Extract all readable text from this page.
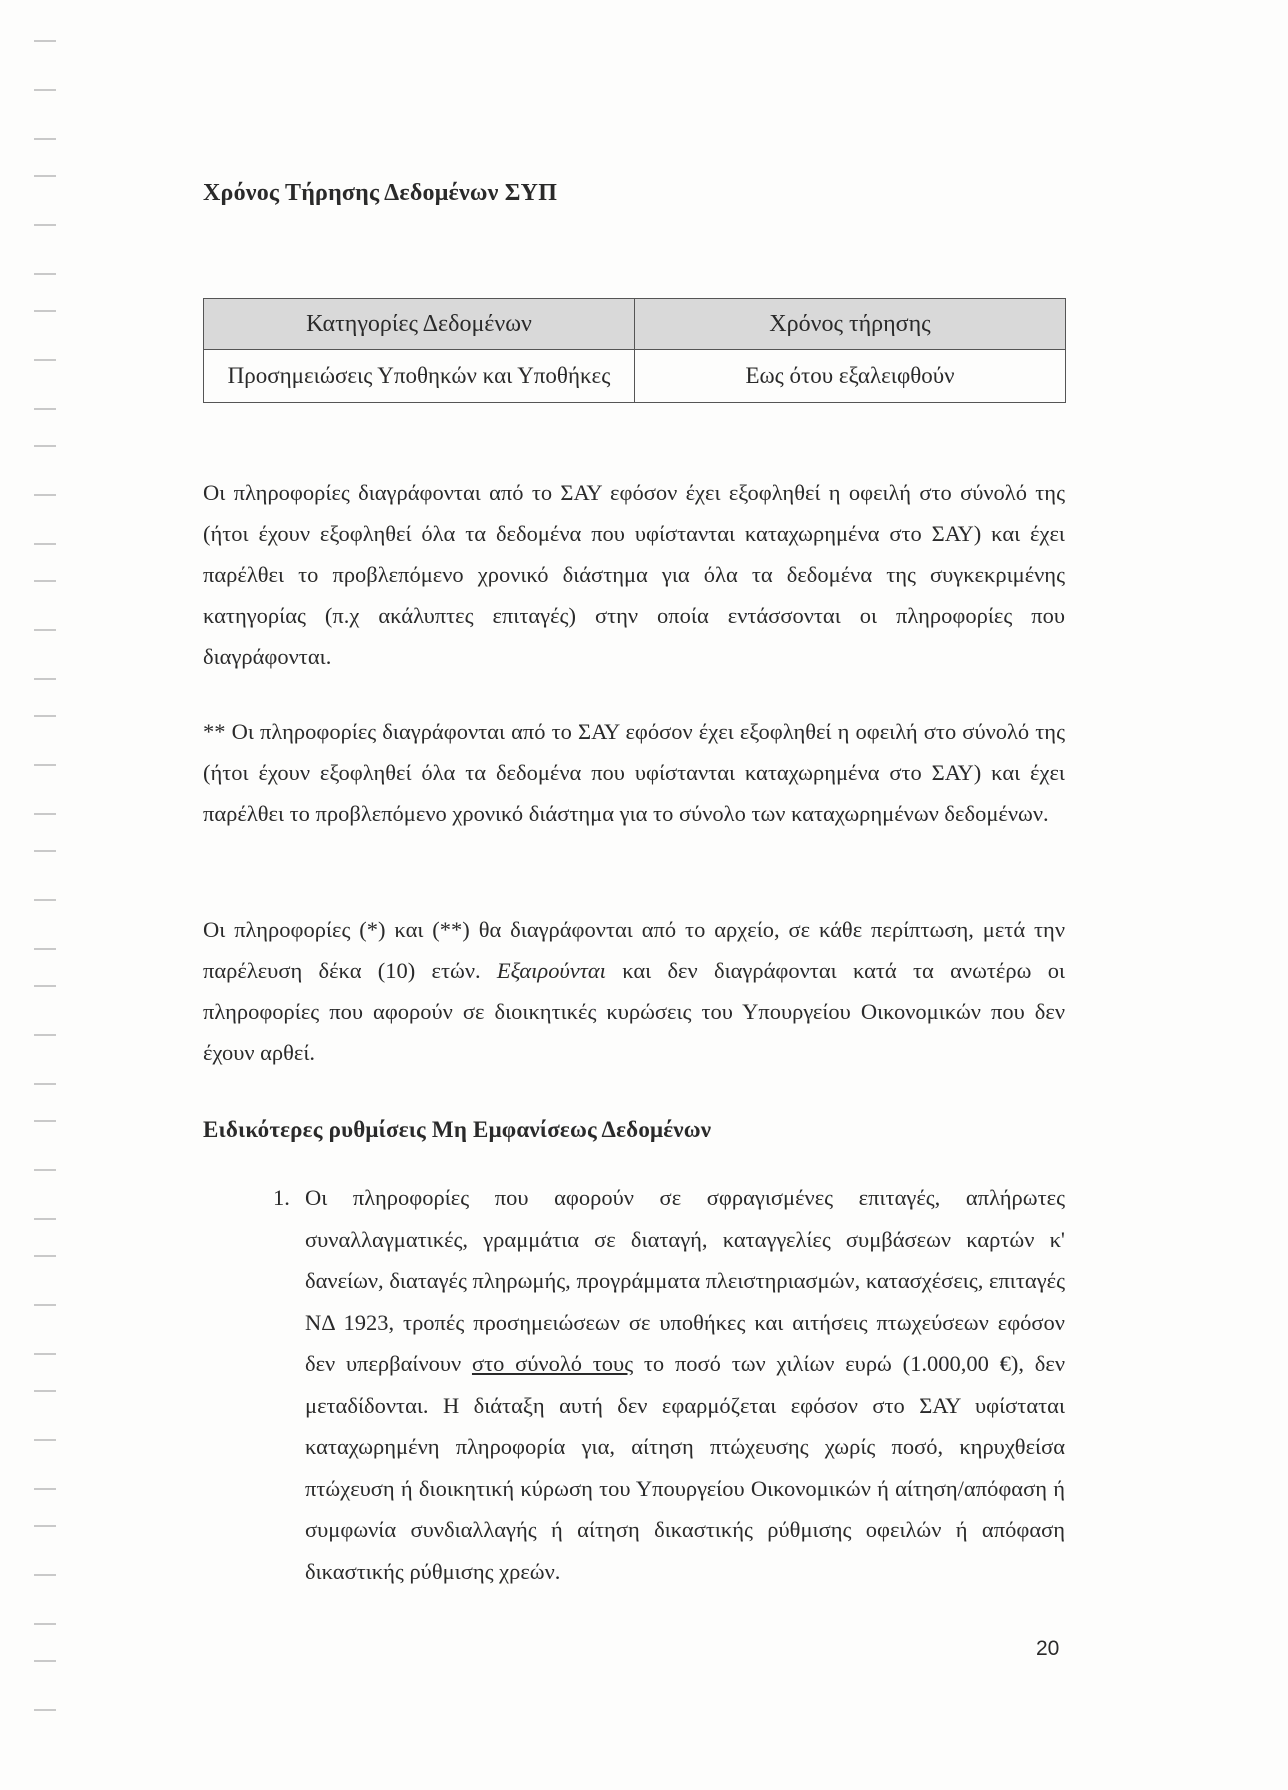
Χρόνος Τήρησης Δεδομένων ΣΥΠ
Κατηγορίες Δεδομένων	Χρόνος τήρησης
Προσημειώσεις Υποθηκών και Υποθήκες	Εως ότου εξαλειφθούν

Οι πληροφορίες διαγράφονται από το ΣΑΥ εφόσον έχει εξοφληθεί η οφειλή στο σύνολό της (ήτοι έχουν εξοφληθεί όλα τα δεδομένα που υφίστανται καταχωρημένα στο ΣΑΥ) και έχει παρέλθει το προβλεπόμενο χρονικό διάστημα για όλα τα δεδομένα της συγκεκριμένης κατηγορίας (π.χ ακάλυπτες επιταγές) στην οποία εντάσσονται οι πληροφορίες που διαγράφονται.

** Οι πληροφορίες διαγράφονται από το ΣΑΥ εφόσον έχει εξοφληθεί η οφειλή στο σύνολό της (ήτοι έχουν εξοφληθεί όλα τα δεδομένα που υφίστανται καταχωρημένα στο ΣΑΥ) και έχει παρέλθει το προβλεπόμενο χρονικό διάστημα για το σύνολο των καταχωρημένων δεδομένων.

Οι πληροφορίες (*) και (**) θα διαγράφονται από το αρχείο, σε κάθε περίπτωση, μετά την παρέλευση δέκα (10) ετών. Εξαιρούνται και δεν διαγράφονται κατά τα ανωτέρω οι πληροφορίες που αφορούν σε διοικητικές κυρώσεις του Υπουργείου Οικονομικών που δεν έχουν αρθεί.

Ειδικότερες ρυθμίσεις Μη Εμφανίσεως Δεδομένων
1. Οι πληροφορίες που αφορούν σε σφραγισμένες επιταγές, απλήρωτες συναλλαγματικές, γραμμάτια σε διαταγή, καταγγελίες συμβάσεων καρτών κ' δανείων, διαταγές πληρωμής, προγράμματα πλειστηριασμών, κατασχέσεις, επιταγές ΝΔ 1923, τροπές προσημειώσεων σε υποθήκες και αιτήσεις πτωχεύσεων εφόσον δεν υπερβαίνουν στο σύνολό τους το ποσό των χιλίων ευρώ (1.000,00 €), δεν μεταδίδονται. Η διάταξη αυτή δεν εφαρμόζεται εφόσον στο ΣΑΥ υφίσταται καταχωρημένη πληροφορία για, αίτηση πτώχευσης χωρίς ποσό, κηρυχθείσα πτώχευση ή διοικητική κύρωση του Υπουργείου Οικονομικών ή αίτηση/απόφαση ή συμφωνία συνδιαλλαγής ή αίτηση δικαστικής ρύθμισης οφειλών ή απόφαση δικαστικής ρύθμισης χρεών.

20
